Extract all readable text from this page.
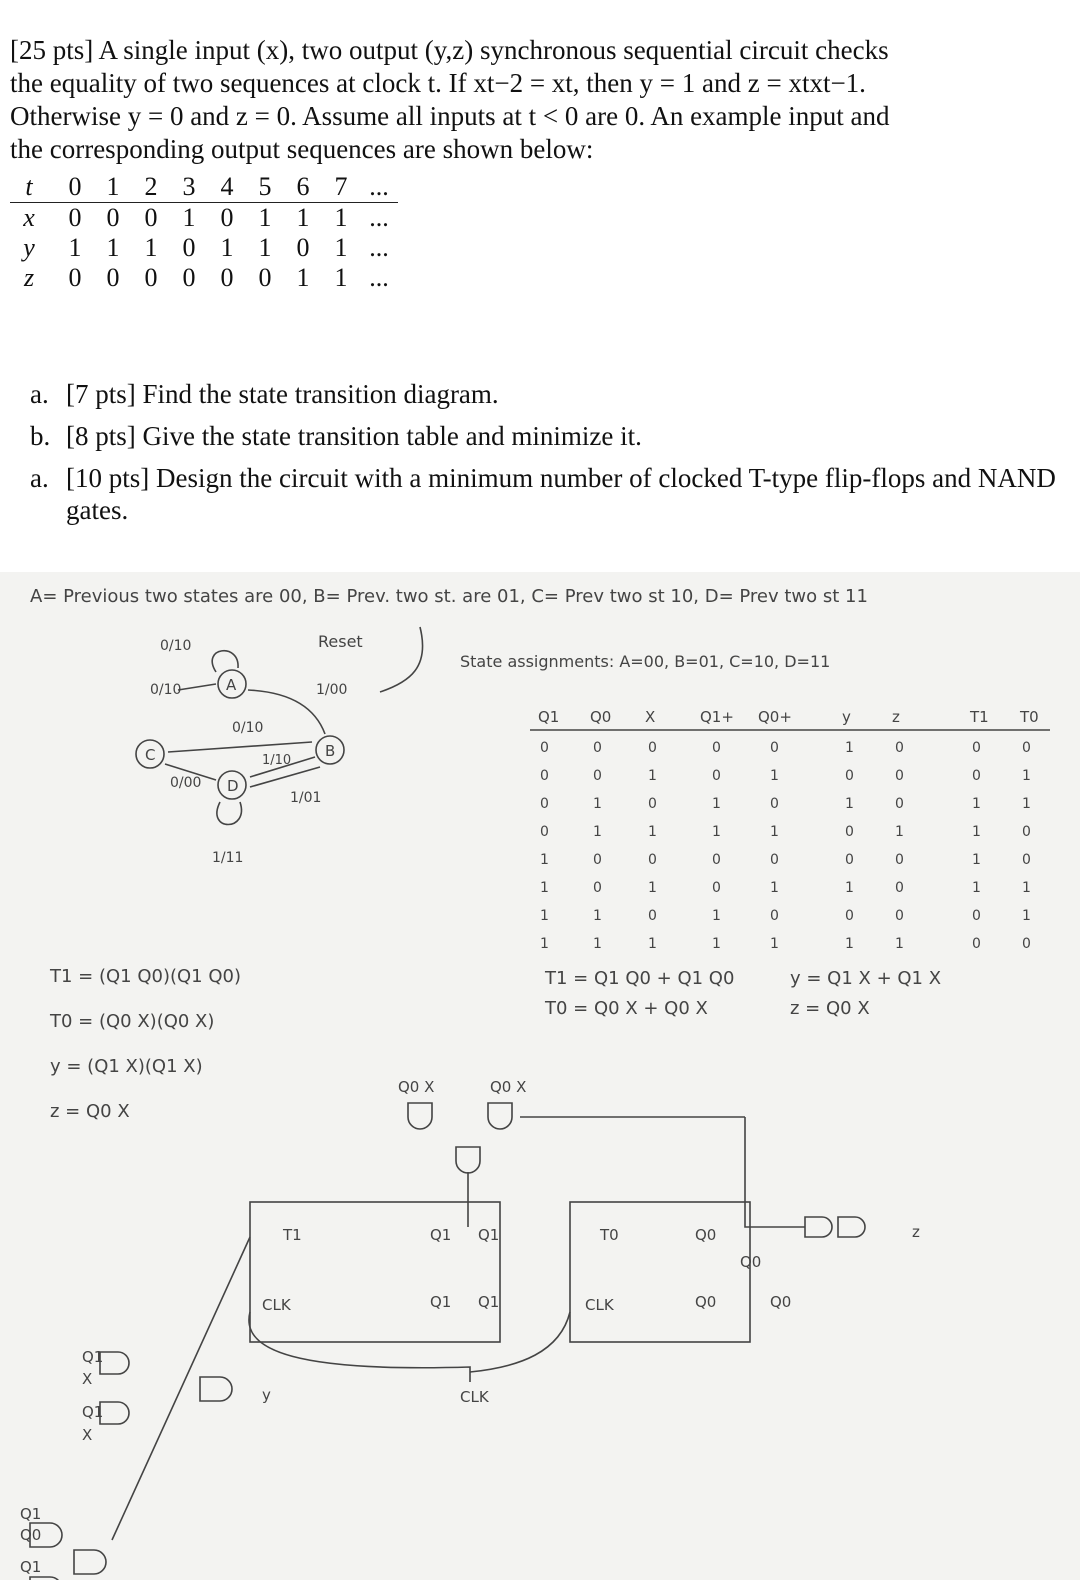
[25 pts] A single input (x), two output (y,z) synchronous sequential circuit checks

the equality of two sequences at clock t. If xt−2 = xt, then y = 1 and z = xtxt−1.

Otherwise y = 0 and z = 0. Assume all inputs at t < 0 are 0. An example input and

the corresponding output sequences are shown below:

t	0	1	2	3	4	5	6	7	...
x	0	0	0	1	0	1	1	1	...
y	1	1	1	0	1	1	0	1	...
z	0	0	0	0	0	0	1	1	...
a. [7 pts] Find the state transition diagram.
b. [8 pts] Give the state transition table and minimize it.
a. [10 pts] Design the circuit with a minimum number of clocked T-type flip-flops and NAND gates.
A= Previous two states are 00, B= Prev. two st. are 01, C= Prev two st 10, D= Prev two st 11
State assignments: A=00, B=01, C=10, D=11
A
B
C
D
Reset
0/10
0/10	1/00
0/10
1/10
0/00
1/01
1/11
Q1 Q0 X	Q1+ Q0+	y	z	T1 T0
0	0	0	0	0	1	0	0	0
0	0	1	0	1	0	0	0	1
0	1	0	1	0	1	0	1	1
0	1	1	1	1	0	1	1	0
1	0	0	0	0	0	0	1	0
1	0	1	0	1	1	0	1	1
1	1	0	1	0	0	0	0	1
1	1	1	1	1	1	1	0	0
T1 = (Q1 Q0)(Q1 Q0)
T0 = (Q0 X)(Q0 X)
y = (Q1 X)(Q1 X)
z = Q0 X
T1 = Q1 Q0 + Q1 Q0
T0 = Q0 X + Q0 X
y = Q1 X + Q1 X
z = Q0 X
T1	Q1
Q1
CLK
T0	Q0
Q0
CLK
CLK
Q0 X	Q0 X
z
y
Q1
Q0
Q1
Q1
X
Q1
X
Q1
Q1
Q0
Q0
